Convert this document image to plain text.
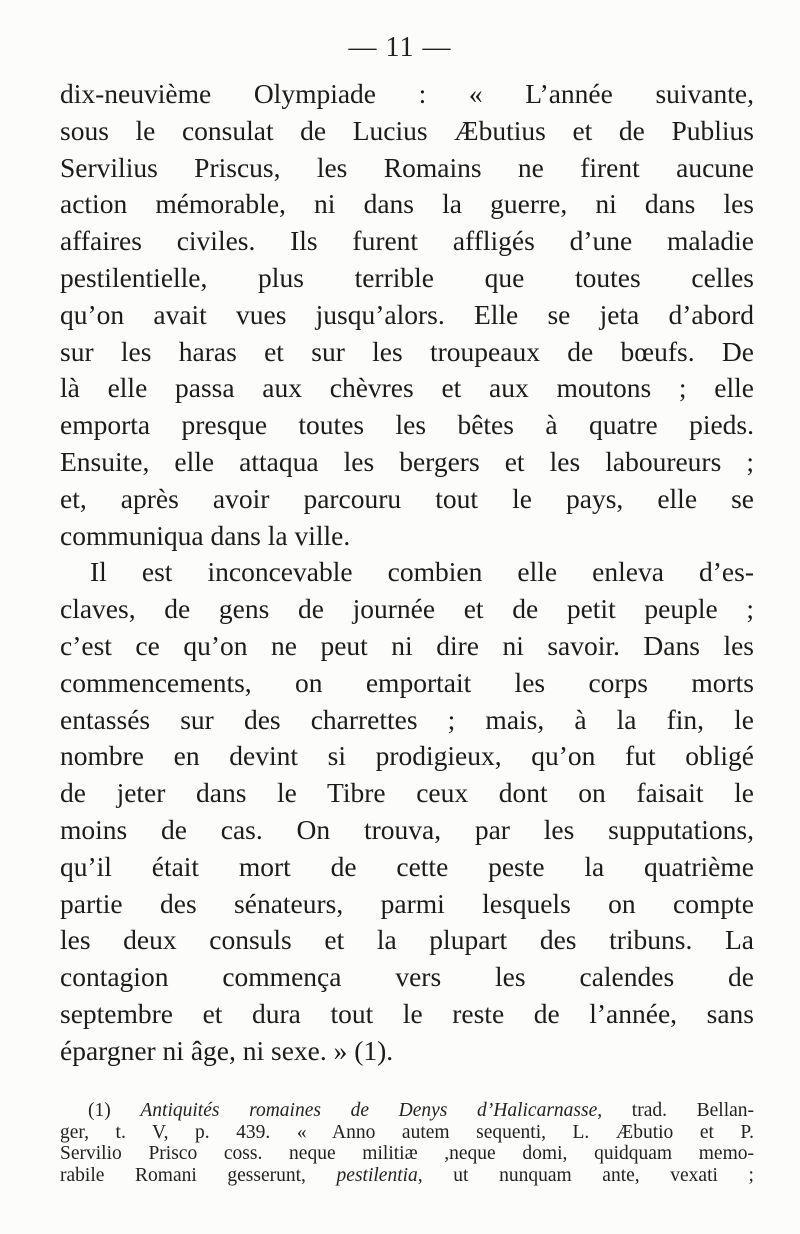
— 11 —

dix-neuvième Olympiade : « L’année suivante,
sous le consulat de Lucius Æbutius et de Publius
Servilius Priscus, les Romains ne firent aucune
action mémorable, ni dans la guerre, ni dans les
affaires civiles. Ils furent affligés d’une maladie
pestilentielle, plus terrible que toutes celles
qu’on avait vues jusqu’alors. Elle se jeta d’abord
sur les haras et sur les troupeaux de bœufs. De
là elle passa aux chèvres et aux moutons ; elle
emporta presque toutes les bêtes à quatre pieds.
Ensuite, elle attaqua les bergers et les laboureurs ;
et, après avoir parcouru tout le pays, elle se
communiqua dans la ville.

Il est inconcevable combien elle enleva d’es-
claves, de gens de journée et de petit peuple ;
c’est ce qu’on ne peut ni dire ni savoir. Dans les
commencements, on emportait les corps morts
entassés sur des charrettes ; mais, à la fin, le
nombre en devint si prodigieux, qu’on fut obligé
de jeter dans le Tibre ceux dont on faisait le
moins de cas. On trouva, par les supputations,
qu’il était mort de cette peste la quatrième
partie des sénateurs, parmi lesquels on compte
les deux consuls et la plupart des tribuns. La
contagion commença vers les calendes de
septembre et dura tout le reste de l’année, sans
épargner ni âge, ni sexe. » (1).

(1) Antiquités romaines de Denys d’Halicarnasse, trad. Bellan-
ger, t. V, p. 439. « Anno autem sequenti, L. Æbutio et P.
Servilio Prisco coss. neque militiæ ,neque domi, quidquam memo-
rabile Romani gesserunt, pestilentia, ut nunquam ante, vexati ;
